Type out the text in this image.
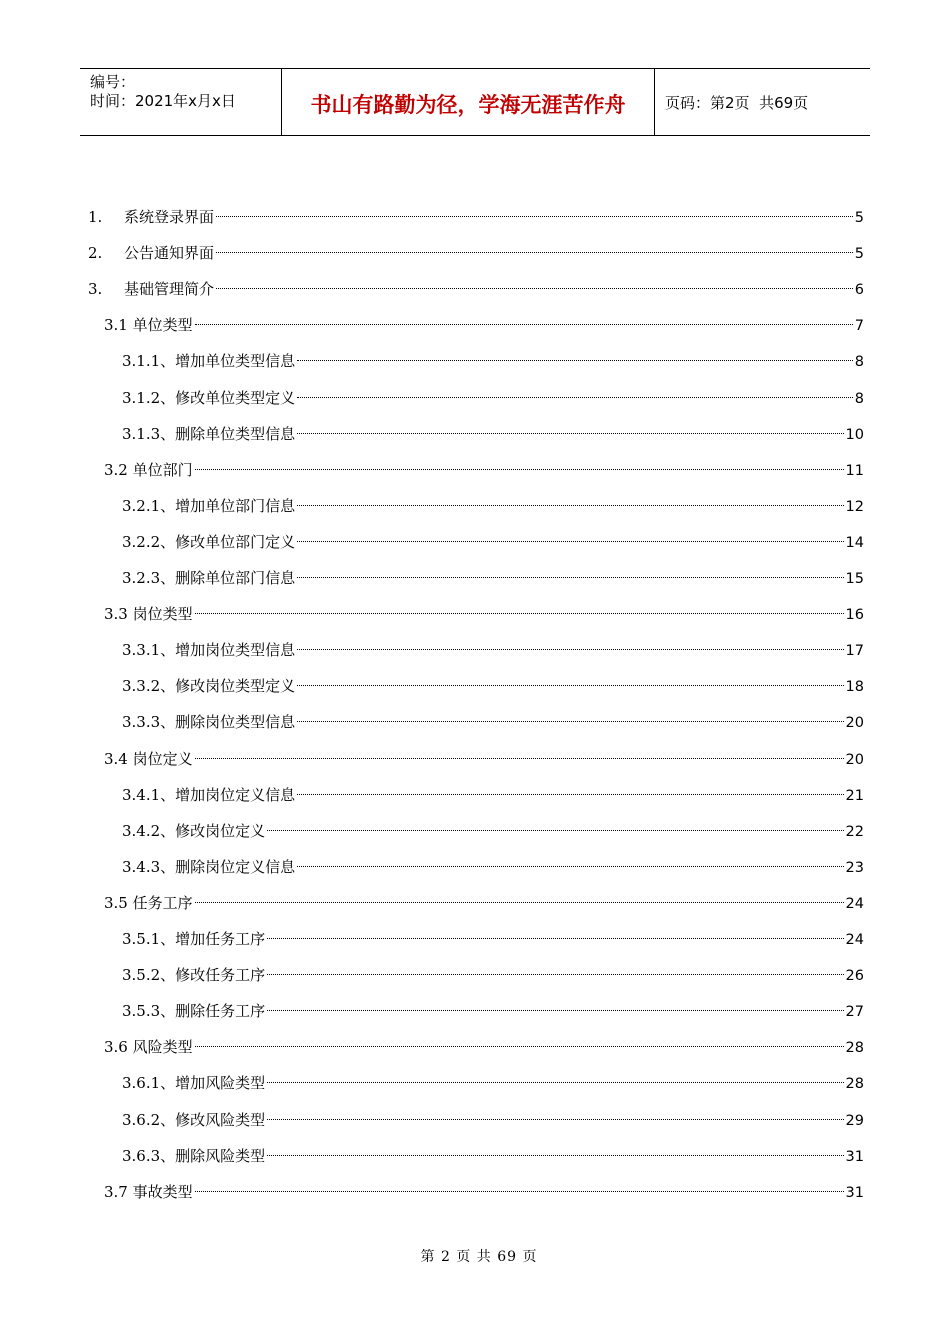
编号：
时间：2021年x月x日	书山有路勤为径，学海无涯苦作舟	页码：第2页  共69页
1.	系统登录界面	5
2.	公告通知界面	5
3.	基础管理简介	6
3.1 单位类型	7
3.1.1、增加单位类型信息	8
3.1.2、修改单位类型定义	8
3.1.3、删除单位类型信息	10
3.2 单位部门	11
3.2.1、增加单位部门信息	12
3.2.2、修改单位部门定义	14
3.2.3、删除单位部门信息	15
3.3 岗位类型	16
3.3.1、增加岗位类型信息	17
3.3.2、修改岗位类型定义	18
3.3.3、删除岗位类型信息	20
3.4 岗位定义	20
3.4.1、增加岗位定义信息	21
3.4.2、修改岗位定义	22
3.4.3、删除岗位定义信息	23
3.5 任务工序	24
3.5.1、增加任务工序	24
3.5.2、修改任务工序	26
3.5.3、删除任务工序	27
3.6 风险类型	28
3.6.1、增加风险类型	28
3.6.2、修改风险类型	29
3.6.3、删除风险类型	31
3.7 事故类型	31
第 2 页 共 69 页
